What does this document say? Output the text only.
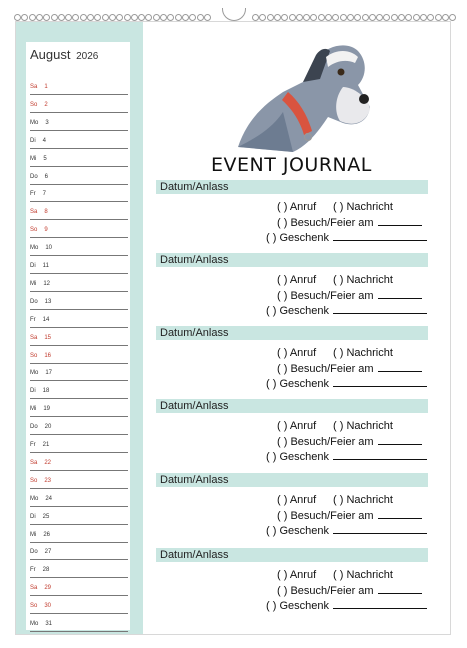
August 2026
Sa 1
So 2
Mo 3
Di 4
Mi 5
Do 6
Fr 7
Sa 8
So 9
Mo 10
Di 11
Mi 12
Do 13
Fr 14
Sa 15
So 16
Mo 17
Di 18
Mi 19
Do 20
Fr 21
Sa 22
So 23
Mo 24
Di 25
Mi 26
Do 27
Fr 28
Sa 29
So 30
Mo 31
EVENT JOURNAL
Datum/Anlass
( ) Anruf ( ) Nachricht
( ) Besuch/Feier am
( ) Geschenk
Datum/Anlass
( ) Anruf ( ) Nachricht
( ) Besuch/Feier am
( ) Geschenk
Datum/Anlass
( ) Anruf ( ) Nachricht
( ) Besuch/Feier am
( ) Geschenk
Datum/Anlass
( ) Anruf ( ) Nachricht
( ) Besuch/Feier am
( ) Geschenk
Datum/Anlass
( ) Anruf ( ) Nachricht
( ) Besuch/Feier am
( ) Geschenk
Datum/Anlass
( ) Anruf ( ) Nachricht
( ) Besuch/Feier am
( ) Geschenk
